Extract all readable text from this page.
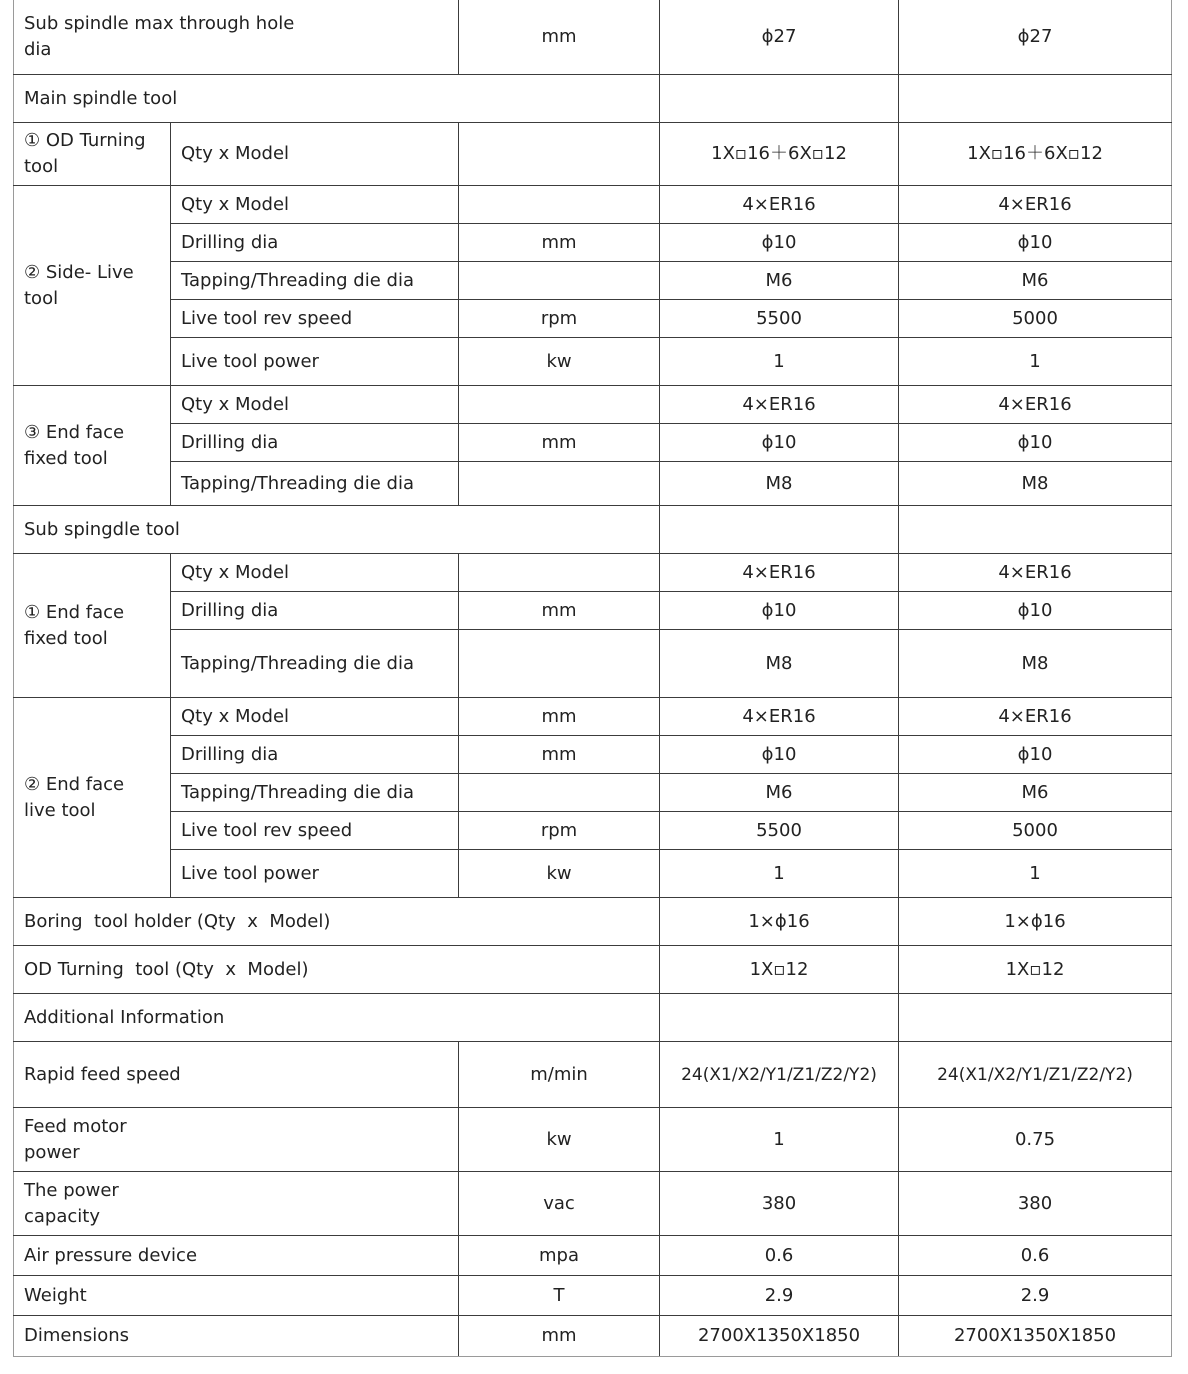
Sub spindle max through hole dia		mm	ϕ27	ϕ27
Main spindle tool				
① OD Turning tool	Qty x Model		1X▫16＋6X▫12	1X▫16＋6X▫12
② Side- Live tool	Qty x Model		4×ER16	4×ER16
	Drilling dia	mm	ϕ10	ϕ10
	Tapping/Threading die dia		M6	M6
	Live tool rev speed	rpm	5500	5000
	Live tool power	kw	1	1
③ End face fixed tool	Qty x Model		4×ER16	4×ER16
	Drilling dia	mm	ϕ10	ϕ10
	Tapping/Threading die dia		M8	M8
Sub spingdle tool				
① End face fixed tool	Qty x Model		4×ER16	4×ER16
	Drilling dia	mm	ϕ10	ϕ10
	Tapping/Threading die dia		M8	M8
② End face live tool	Qty x Model	mm	4×ER16	4×ER16
	Drilling dia	mm	ϕ10	ϕ10
	Tapping/Threading die dia		M6	M6
	Live tool rev speed	rpm	5500	5000
	Live tool power	kw	1	1
Boring  tool holder (Qty  x  Model)			1×ϕ16	1×ϕ16
OD Turning  tool (Qty  x  Model)			1X▫12	1X▫12
Additional Information				
Rapid feed speed		m/min	24(X1/X2/Y1/Z1/Z2/Y2)	24(X1/X2/Y1/Z1/Z2/Y2)
Feed motor power		kw	1	0.75
The power capacity		vac	380	380
Air pressure device		mpa	0.6	0.6
Weight		T	2.9	2.9
Dimensions		mm	2700X1350X1850	2700X1350X1850
